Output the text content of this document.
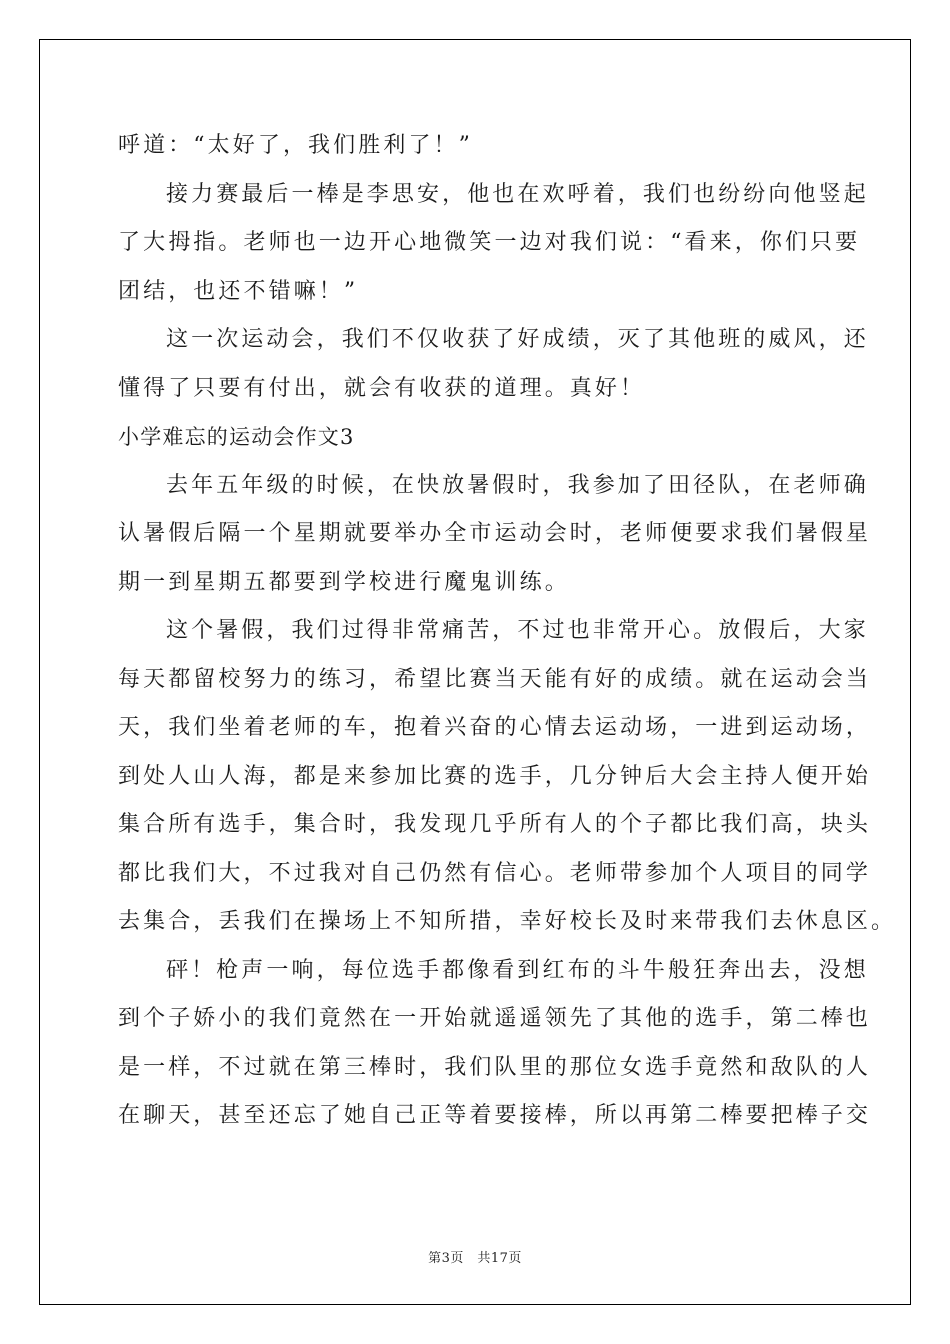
呼道：“太好了，我们胜利了！”
接力赛最后一棒是李思安，他也在欢呼着，我们也纷纷向他竖起
了大拇指。老师也一边开心地微笑一边对我们说：“看来，你们只要
团结，也还不错嘛！”
这一次运动会，我们不仅收获了好成绩，灭了其他班的威风，还
懂得了只要有付出，就会有收获的道理。真好！
小学难忘的运动会作文3
去年五年级的时候，在快放暑假时，我参加了田径队，在老师确
认暑假后隔一个星期就要举办全市运动会时，老师便要求我们暑假星
期一到星期五都要到学校进行魔鬼训练。
这个暑假，我们过得非常痛苦，不过也非常开心。放假后，大家
每天都留校努力的练习，希望比赛当天能有好的成绩。就在运动会当
天，我们坐着老师的车，抱着兴奋的心情去运动场，一进到运动场，
到处人山人海，都是来参加比赛的选手，几分钟后大会主持人便开始
集合所有选手，集合时，我发现几乎所有人的个子都比我们高，块头
都比我们大，不过我对自己仍然有信心。老师带参加个人项目的同学
去集合，丢我们在操场上不知所措，幸好校长及时来带我们去休息区。
砰！枪声一响，每位选手都像看到红布的斗牛般狂奔出去，没想
到个子娇小的我们竟然在一开始就遥遥领先了其他的选手，第二棒也
是一样，不过就在第三棒时，我们队里的那位女选手竟然和敌队的人
在聊天，甚至还忘了她自己正等着要接棒，所以再第二棒要把棒子交
第3页　共17页
